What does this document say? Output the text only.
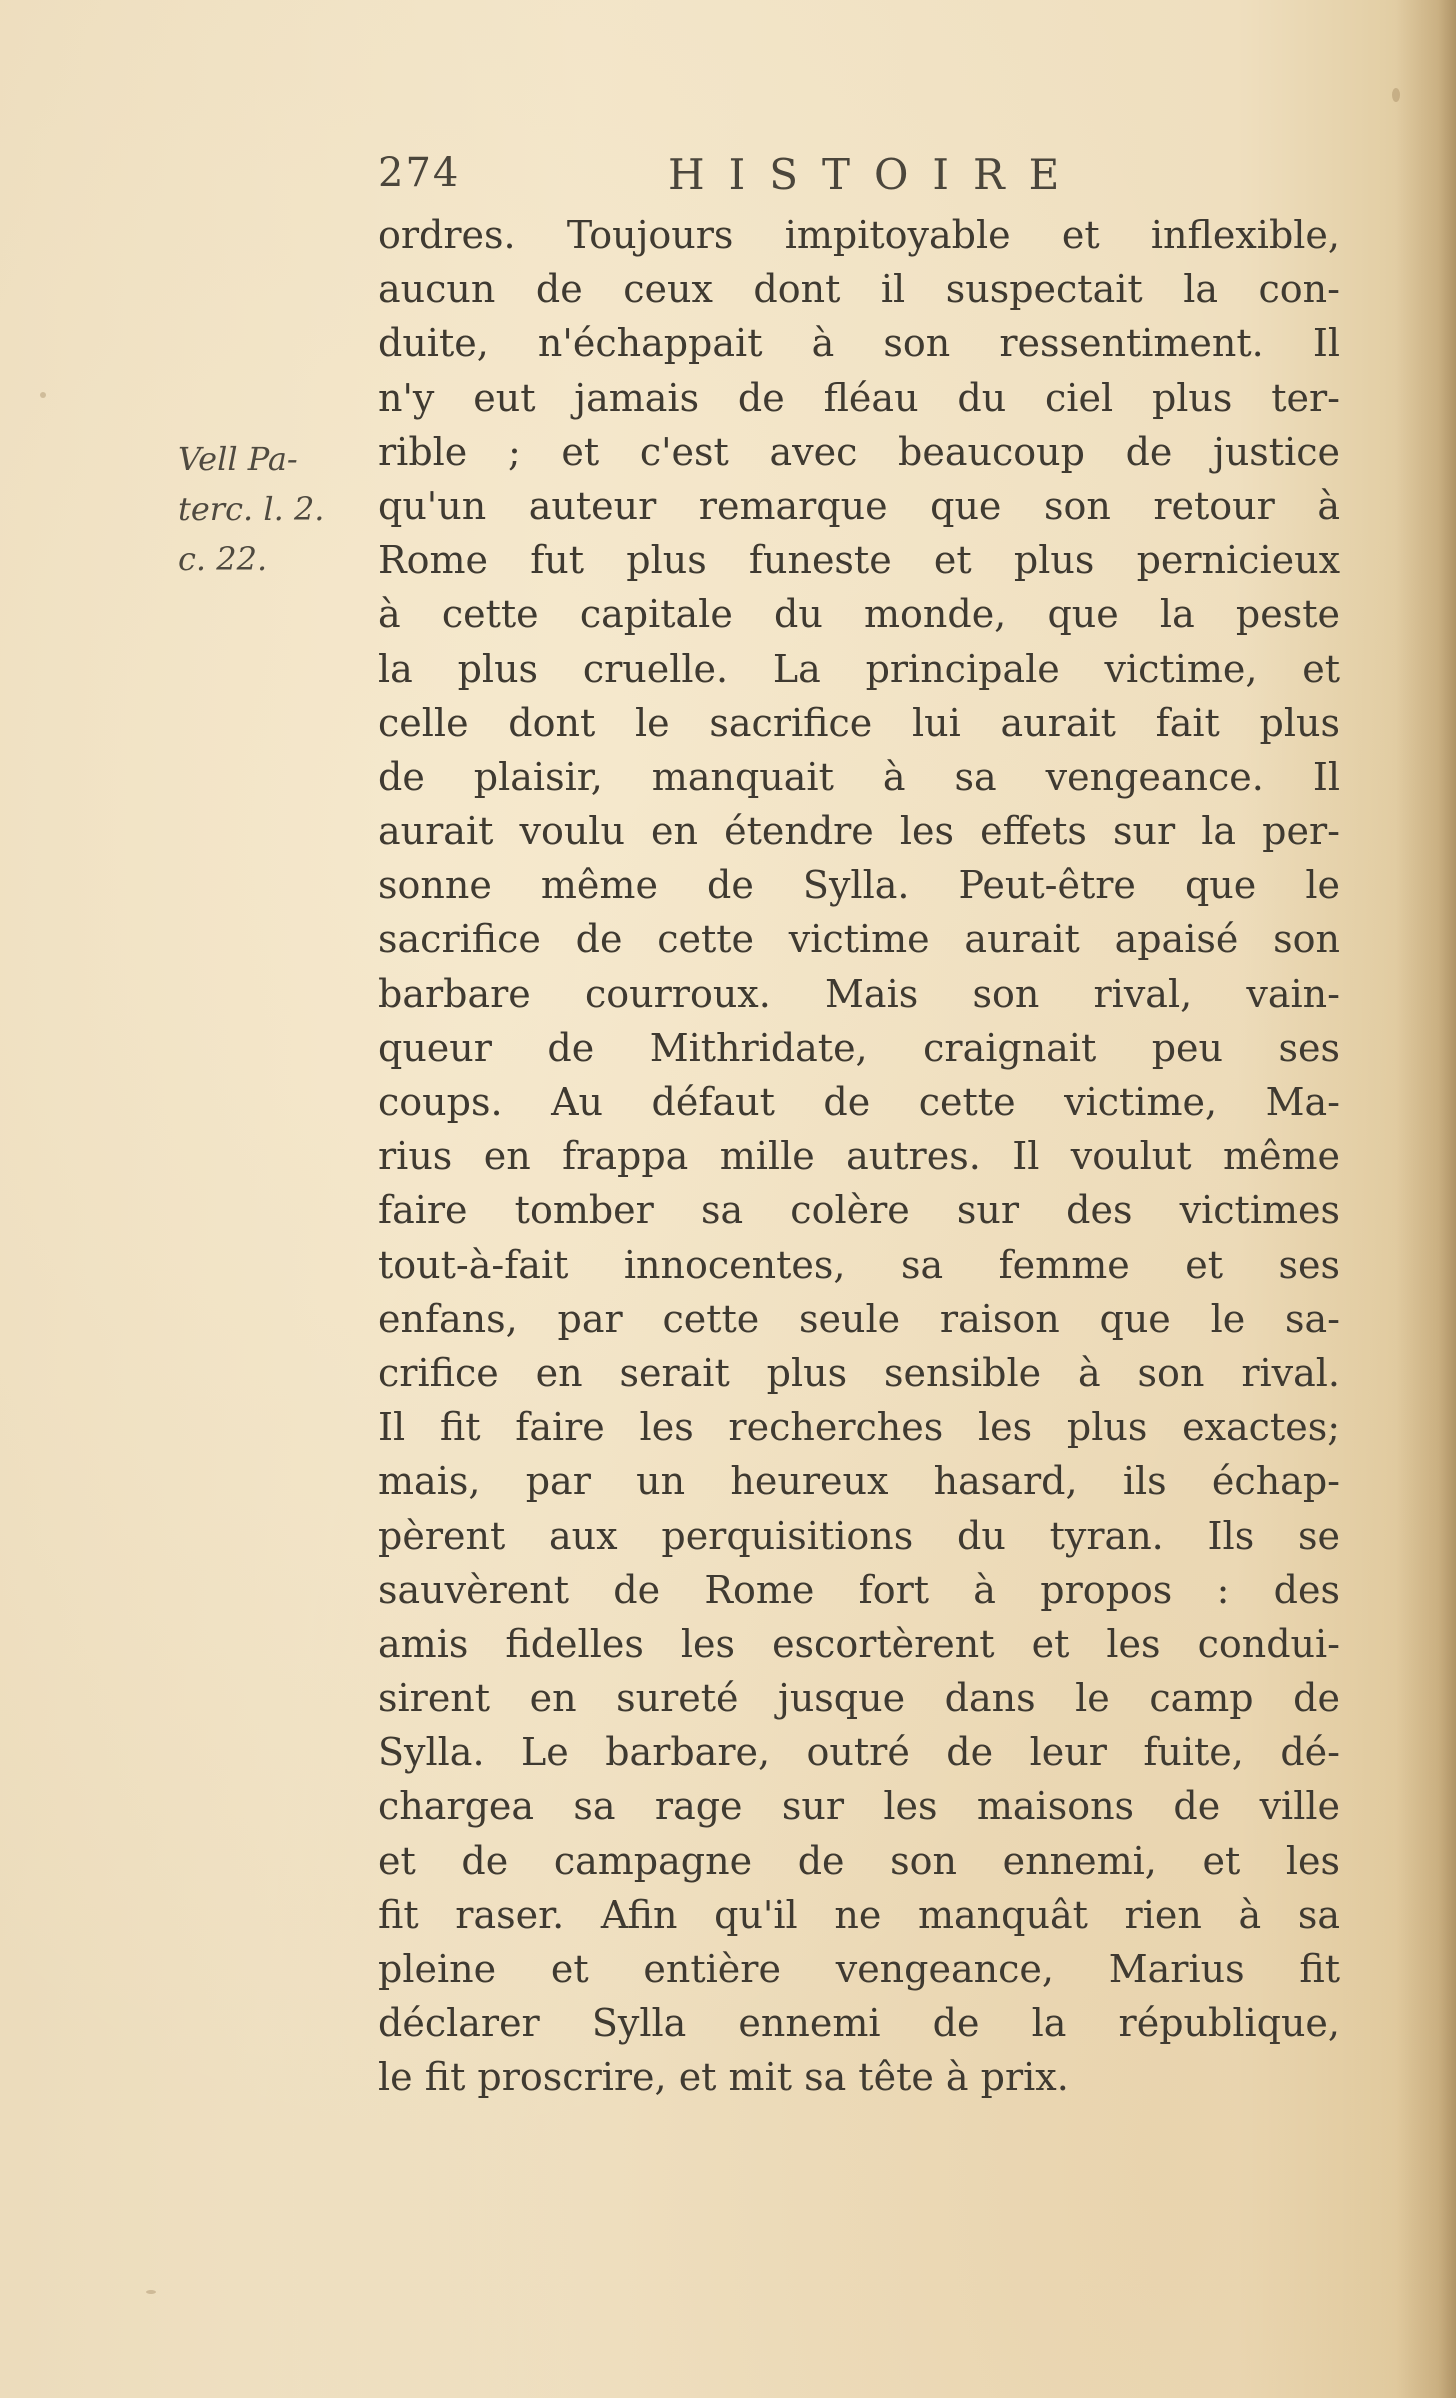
274	HISTOIRE
Vell Pa-
terc. l. 2.
c. 22.
ordres. Toujours impitoyable et inflexible,
aucun de ceux dont il suspectait la con-
duite, n'échappait à son ressentiment. Il
n'y eut jamais de fléau du ciel plus ter-
rible ; et c'est avec beaucoup de justice
qu'un auteur remarque que son retour à
Rome fut plus funeste et plus pernicieux
à cette capitale du monde, que la peste
la plus cruelle. La principale victime, et
celle dont le sacrifice lui aurait fait plus
de plaisir, manquait à sa vengeance. Il
aurait voulu en étendre les effets sur la per-
sonne même de Sylla. Peut-être que le
sacrifice de cette victime aurait apaisé son
barbare courroux. Mais son rival, vain-
queur de Mithridate, craignait peu ses
coups. Au défaut de cette victime, Ma-
rius en frappa mille autres. Il voulut même
faire tomber sa colère sur des victimes
tout-à-fait innocentes, sa femme et ses
enfans, par cette seule raison que le sa-
crifice en serait plus sensible à son rival.
Il fit faire les recherches les plus exactes;
mais, par un heureux hasard, ils échap-
pèrent aux perquisitions du tyran. Ils se
sauvèrent de Rome fort à propos : des
amis fidelles les escortèrent et les condui-
sirent en sureté jusque dans le camp de
Sylla. Le barbare, outré de leur fuite, dé-
chargea sa rage sur les maisons de ville
et de campagne de son ennemi, et les
fit raser. Afin qu'il ne manquât rien à sa
pleine et entière vengeance, Marius fit
déclarer Sylla ennemi de la république,
le fit proscrire, et mit sa tête à prix.
